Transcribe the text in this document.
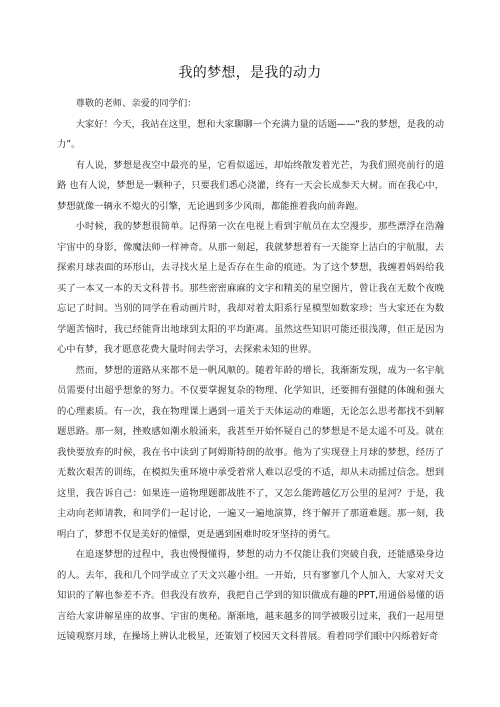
我的梦想，是我的动力

尊敬的老师、亲爱的同学们：

大家好！今天，我站在这里，想和大家聊聊一个充满力量的话题——“我的梦想，是我的动力”。

有人说，梦想是夜空中最亮的星，它看似遥远，却始终散发着光芒，为我们照亮前行的道路 也有人说，梦想是一颗种子，只要我们悉心浇灌，终有一天会长成参天大树。而在我心中，梦想就像一辆永不熄火的引擎，无论遇到多少风雨，都能推着我向前奔跑。

小时候，我的梦想很简单。记得第一次在电视上看到宇航员在太空漫步，那些漂浮在浩瀚宇宙中的身影，像魔法师一样神奇。从那一刻起，我就梦想着有一天能穿上洁白的宇航服，去探索月球表面的环形山，去寻找火星上是否存在生命的痕迹。为了这个梦想，我缠着妈妈给我买了一本又一本的天文科普书。那些密密麻麻的文字和精美的星空图片，曾让我在无数个夜晚忘记了时间。当别的同学在看动画片时，我却对着太阳系行星模型如数家珍；当大家还在为数学题苦恼时，我已经能背出地球到太阳的平均距离。虽然这些知识可能还很浅薄，但正是因为心中有梦，我才愿意花费大量时间去学习，去探索未知的世界。

然而，梦想的道路从来都不是一帆风顺的。随着年龄的增长，我渐渐发现，成为一名宇航员需要付出超乎想象的努力。不仅要掌握复杂的物理、化学知识，还要拥有强健的体魄和强大的心理素质。有一次，我在物理课上遇到一道关于天体运动的难题，无论怎么思考都找不到解题思路。那一刻，挫败感如潮水般涌来，我甚至开始怀疑自己的梦想是不是太遥不可及。就在我快要放弃的时候，我在书中读到了阿姆斯特朗的故事。他为了实现登上月球的梦想，经历了无数次艰苦的训练，在模拟失重环境中承受着常人难以忍受的不适，却从未动摇过信念。想到这里，我告诉自己：如果连一道物理题都战胜不了，又怎么能跨越亿万公里的星河？于是，我主动向老师请教，和同学们一起讨论，一遍又一遍地演算，终于解开了那道难题。那一刻，我明白了，梦想不仅是美好的憧憬，更是遇到困难时咬牙坚持的勇气。

在追逐梦想的过程中，我也慢慢懂得，梦想的动力不仅能让我们突破自我，还能感染身边的人。去年，我和几个同学成立了天文兴趣小组。一开始，只有寥寥几个人加入，大家对天文知识的了解也参差不齐。但我没有放弃，我把自己学到的知识做成有趣的PPT,用通俗易懂的语言给大家讲解星座的故事、宇宙的奥秘。渐渐地，越来越多的同学被吸引过来，我们一起用望远镜观察月球，在操场上辨认北极星，还策划了校园天文科普展。看着同学们眼中闪烁着好奇
